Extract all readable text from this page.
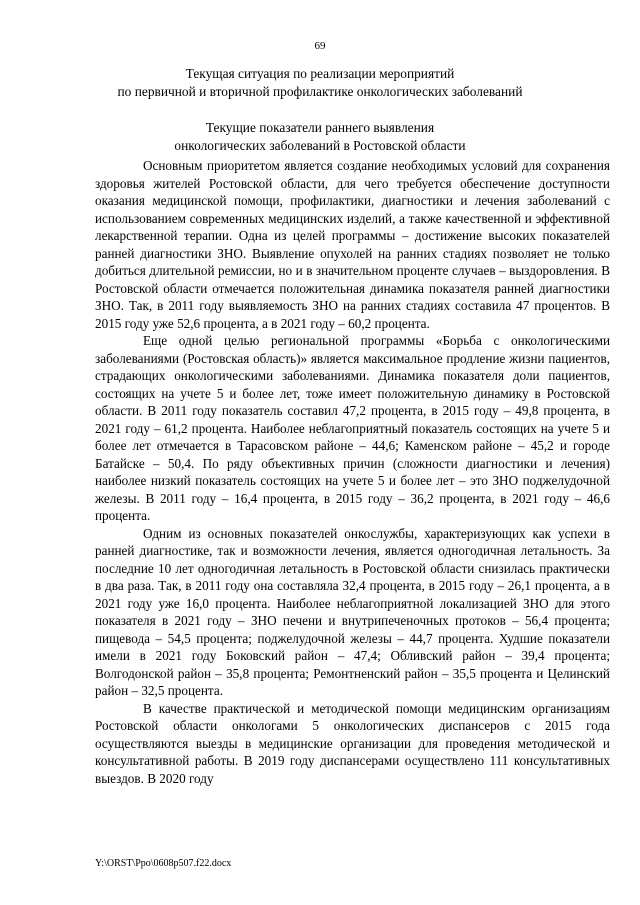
69
Текущая ситуация по реализации мероприятий
по первичной и вторичной профилактике онкологических заболеваний
Текущие показатели раннего выявления
онкологических заболеваний в Ростовской области

Основным приоритетом является создание необходимых условий для сохранения здоровья жителей Ростовской области, для чего требуется обеспечение доступности оказания медицинской помощи, профилактики, диагностики и лечения заболеваний с использованием современных медицинских изделий, а также качественной и эффективной лекарственной терапии. Одна из целей программы – достижение высоких показателей ранней диагностики ЗНО. Выявление опухолей на ранних стадиях позволяет не только добиться длительной ремиссии, но и в значительном проценте случаев – выздоровления. В Ростовской области отмечается положительная динамика показателя ранней диагностики ЗНО. Так, в 2011 году выявляемость ЗНО на ранних стадиях составила 47 процентов. В 2015 году уже 52,6 процента, а в 2021 году – 60,2 процента.

Еще одной целью региональной программы «Борьба с онкологическими заболеваниями (Ростовская область)» является максимальное продление жизни пациентов, страдающих онкологическими заболеваниями. Динамика показателя доли пациентов, состоящих на учете 5 и более лет, тоже имеет положительную динамику в Ростовской области. В 2011 году показатель составил 47,2 процента, в 2015 году – 49,8 процента, в 2021 году – 61,2 процента. Наиболее неблагоприятный показатель состоящих на учете 5 и более лет отмечается в Тарасовском районе – 44,6; Каменском районе – 45,2 и городе Батайске – 50,4. По ряду объективных причин (сложности диагностики и лечения) наиболее низкий показатель состоящих на учете 5 и более лет – это ЗНО поджелудочной железы. В 2011 году – 16,4 процента, в 2015 году – 36,2 процента, в 2021 году – 46,6 процента.

Одним из основных показателей онкослужбы, характеризующих как успехи в ранней диагностике, так и возможности лечения, является одногодичная летальность. За последние 10 лет одногодичная летальность в Ростовской области снизилась практически в два раза. Так, в 2011 году она составляла 32,4 процента, в 2015 году – 26,1 процента, а в 2021 году уже 16,0 процента. Наиболее неблагоприятной локализацией ЗНО для этого показателя в 2021 году – ЗНО печени и внутрипеченочных протоков – 56,4 процента; пищевода – 54,5 процента; поджелудочной железы – 44,7 процента. Худшие показатели имели в 2021 году Боковский район – 47,4; Обливский район – 39,4 процента; Волгодонской район – 35,8 процента; Ремонтненский район – 35,5 процента и Целинский район – 32,5 процента.

В качестве практической и методической помощи медицинским организациям Ростовской области онкологами 5 онкологических диспансеров с 2015 года осуществляются выезды в медицинские организации для проведения методической и консультативной работы. В 2019 году диспансерами осуществлено 111 консультативных выездов. В 2020 году

Y:\ORST\Ppo\0608p507.f22.docx
